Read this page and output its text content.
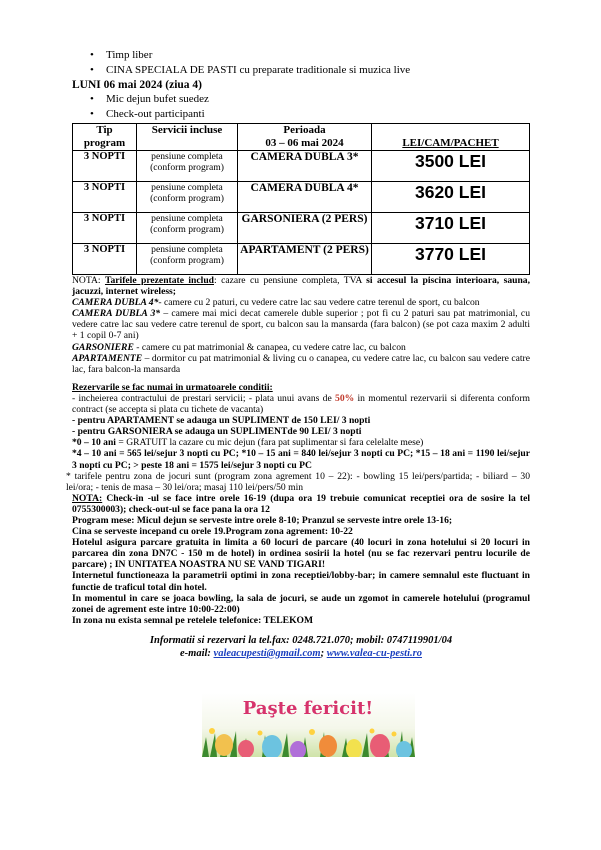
• Timp liber
• CINA SPECIALA DE PASTI cu preparate traditionale si muzica live
LUNI 06 mai 2024 (ziua 4)
• Mic dejun bufet suedez
• Check-out participanti
Tip program	Servicii incluse	Perioada
03 – 06 mai 2024	LEI/CAM/PACHET
3 NOPTI	pensiune completa
(conform program)	CAMERA DUBLA 3*	3500 LEI
3 NOPTI	pensiune completa
(conform program)	CAMERA DUBLA 4*	3620 LEI
3 NOPTI	pensiune completa
(conform program)	GARSONIERA (2 PERS)	3710 LEI
3 NOPTI	pensiune completa
(conform program)	APARTAMENT (2 PERS)	3770 LEI

NOTA: Tarifele prezentate includ: cazare cu pensiune completa, TVA si accesul la piscina interioara, sauna, jacuzzi, internet wireless;

CAMERA DUBLA 4*- camere cu 2 paturi, cu vedere catre lac sau vedere catre terenul de sport, cu balcon

CAMERA DUBLA 3* – camere mai mici decat camerele duble superior ; pot fi cu 2 paturi sau pat matrimonial, cu vedere catre lac sau vedere catre terenul de sport, cu balcon sau la mansarda (fara balcon) (se pot caza maxim 2 adulti + 1 copil 0-7 ani)

GARSONIERE - camere cu pat matrimonial & canapea, cu vedere catre lac, cu balcon

APARTAMENTE – dormitor cu pat matrimonial & living cu o canapea, cu vedere catre lac, cu balcon sau vedere catre lac, fara balcon-la mansarda

Rezervarile se fac numai in urmatoarele conditii:

- incheierea contractului de prestari servicii; - plata unui avans de 50% in momentul rezervarii si diferenta conform contract (se accepta si plata cu tichete de vacanta)

- pentru APARTAMENT se adauga un SUPLIMENT de 150 LEI/ 3 nopti

- pentru GARSONIERA se adauga un SUPLIMENTde 90 LEI/ 3 nopti

*0 – 10 ani = GRATUIT la cazare cu mic dejun (fara pat suplimentar si fara celelalte mese)

*4 – 10 ani = 565 lei/sejur 3 nopti cu PC; *10 – 15 ani = 840 lei/sejur 3 nopti cu PC; *15 – 18 ani = 1190 lei/sejur 3 nopti cu PC; > peste 18 ani = 1575 lei/sejur 3 nopti cu PC

* tarifele pentru zona de jocuri sunt (program zona agrement 10 – 22): - bowling 15 lei/pers/partida; - biliard – 30 lei/ora; - tenis de masa – 30 lei/ora; masaj 110 lei/pers/50 min

NOTA: Check-in -ul se face intre orele 16-19 (dupa ora 19 trebuie comunicat receptiei ora de sosire la tel 0755300003); check-out-ul se face pana la ora 12

Program mese: Micul dejun se serveste intre orele 8-10; Pranzul se serveste intre orele 13-16;

Cina se serveste incepand cu orele 19.Program zona agrement: 10-22

Hotelul asigura parcare gratuita in limita a 60 locuri de parcare (40 locuri in zona hotelului si 20 locuri in parcarea din zona DN7C - 150 m de hotel) in ordinea sosirii la hotel (nu se fac rezervari pentru locurile de parcare) ; IN UNITATEA NOASTRA NU SE VAND TIGARI!

Internetul functioneaza la parametrii optimi in zona receptiei/lobby-bar; in camere semnalul este fluctuant in functie de traficul total din hotel.

In momentul in care se joaca bowling, la sala de jocuri, se aude un zgomot in camerele hotelului (programul zonei de agrement este intre 10:00-22:00)

In zona nu exista semnal pe retelele telefonice: TELEKOM

Informatii si rezervari la tel.fax: 0248.721.070; mobil: 0747119901/04
e-mail: valeacupesti@gmail.com; www.valea-cu-pesti.ro
Paşte fericit!
